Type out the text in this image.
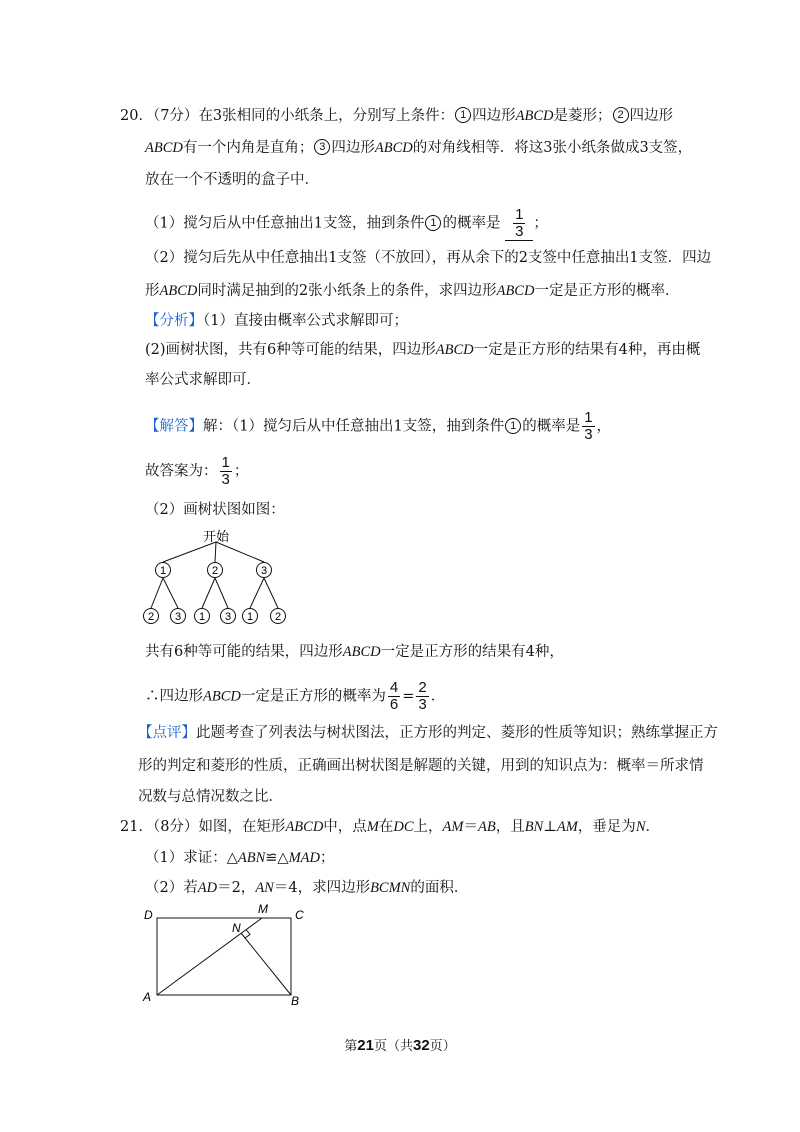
20．（7分）在3张相同的小纸条上，分别写上条件： 1 四边形ABCD是菱形； 2 四边形
ABCD有一个内角是直角； 3 四边形ABCD的对角线相等．将这3张小纸条做成3支签，
放在一个不透明的盒子中．
（1）搅匀后从中任意抽出1支签，抽到条件 1 的概率是 $\frac{1}{3}$ ；
（2）搅匀后先从中任意抽出1支签（不放回），再从余下的2支签中任意抽出1支签．四边
形ABCD同时满足抽到的2张小纸条上的条件，求四边形ABCD一定是正方形的概率．
【分析】（1）直接由概率公式求解即可；
(2)画树状图，共有6种等可能的结果，四边形ABCD一定是正方形的结果有4种，再由概
率公式求解即可．
【解答】解：（1）搅匀后从中任意抽出1支签，抽到条件 1 的概率是 $\frac{1}{3}$ ，
故答案为： $\frac{1}{3}$ ；
（2）画树状图如图：
开始
1	2	3
2 3 1 3 1 2
共有6种等可能的结果，四边形ABCD一定是正方形的结果有4种，
∴四边形ABCD一定是正方形的概率为 $\frac{4}{6} = \frac{2}{3}$ ．
【点评】此题考查了列表法与树状图法，正方形的判定、菱形的性质等知识；熟练掌握正方
形的判定和菱形的性质，正确画出树状图是解题的关键，用到的知识点为：概率＝所求情
况数与总情况数之比．
21．（8分）如图，在矩形ABCD中，点M在DC上，AM＝AB，且BN⊥AM，垂足为N．
（1）求证：△ABN≌△MAD；
（2）若AD＝2，AN＝4，求四边形BCMN的面积．
D	M C
N
A	B
第21页（共32页）
